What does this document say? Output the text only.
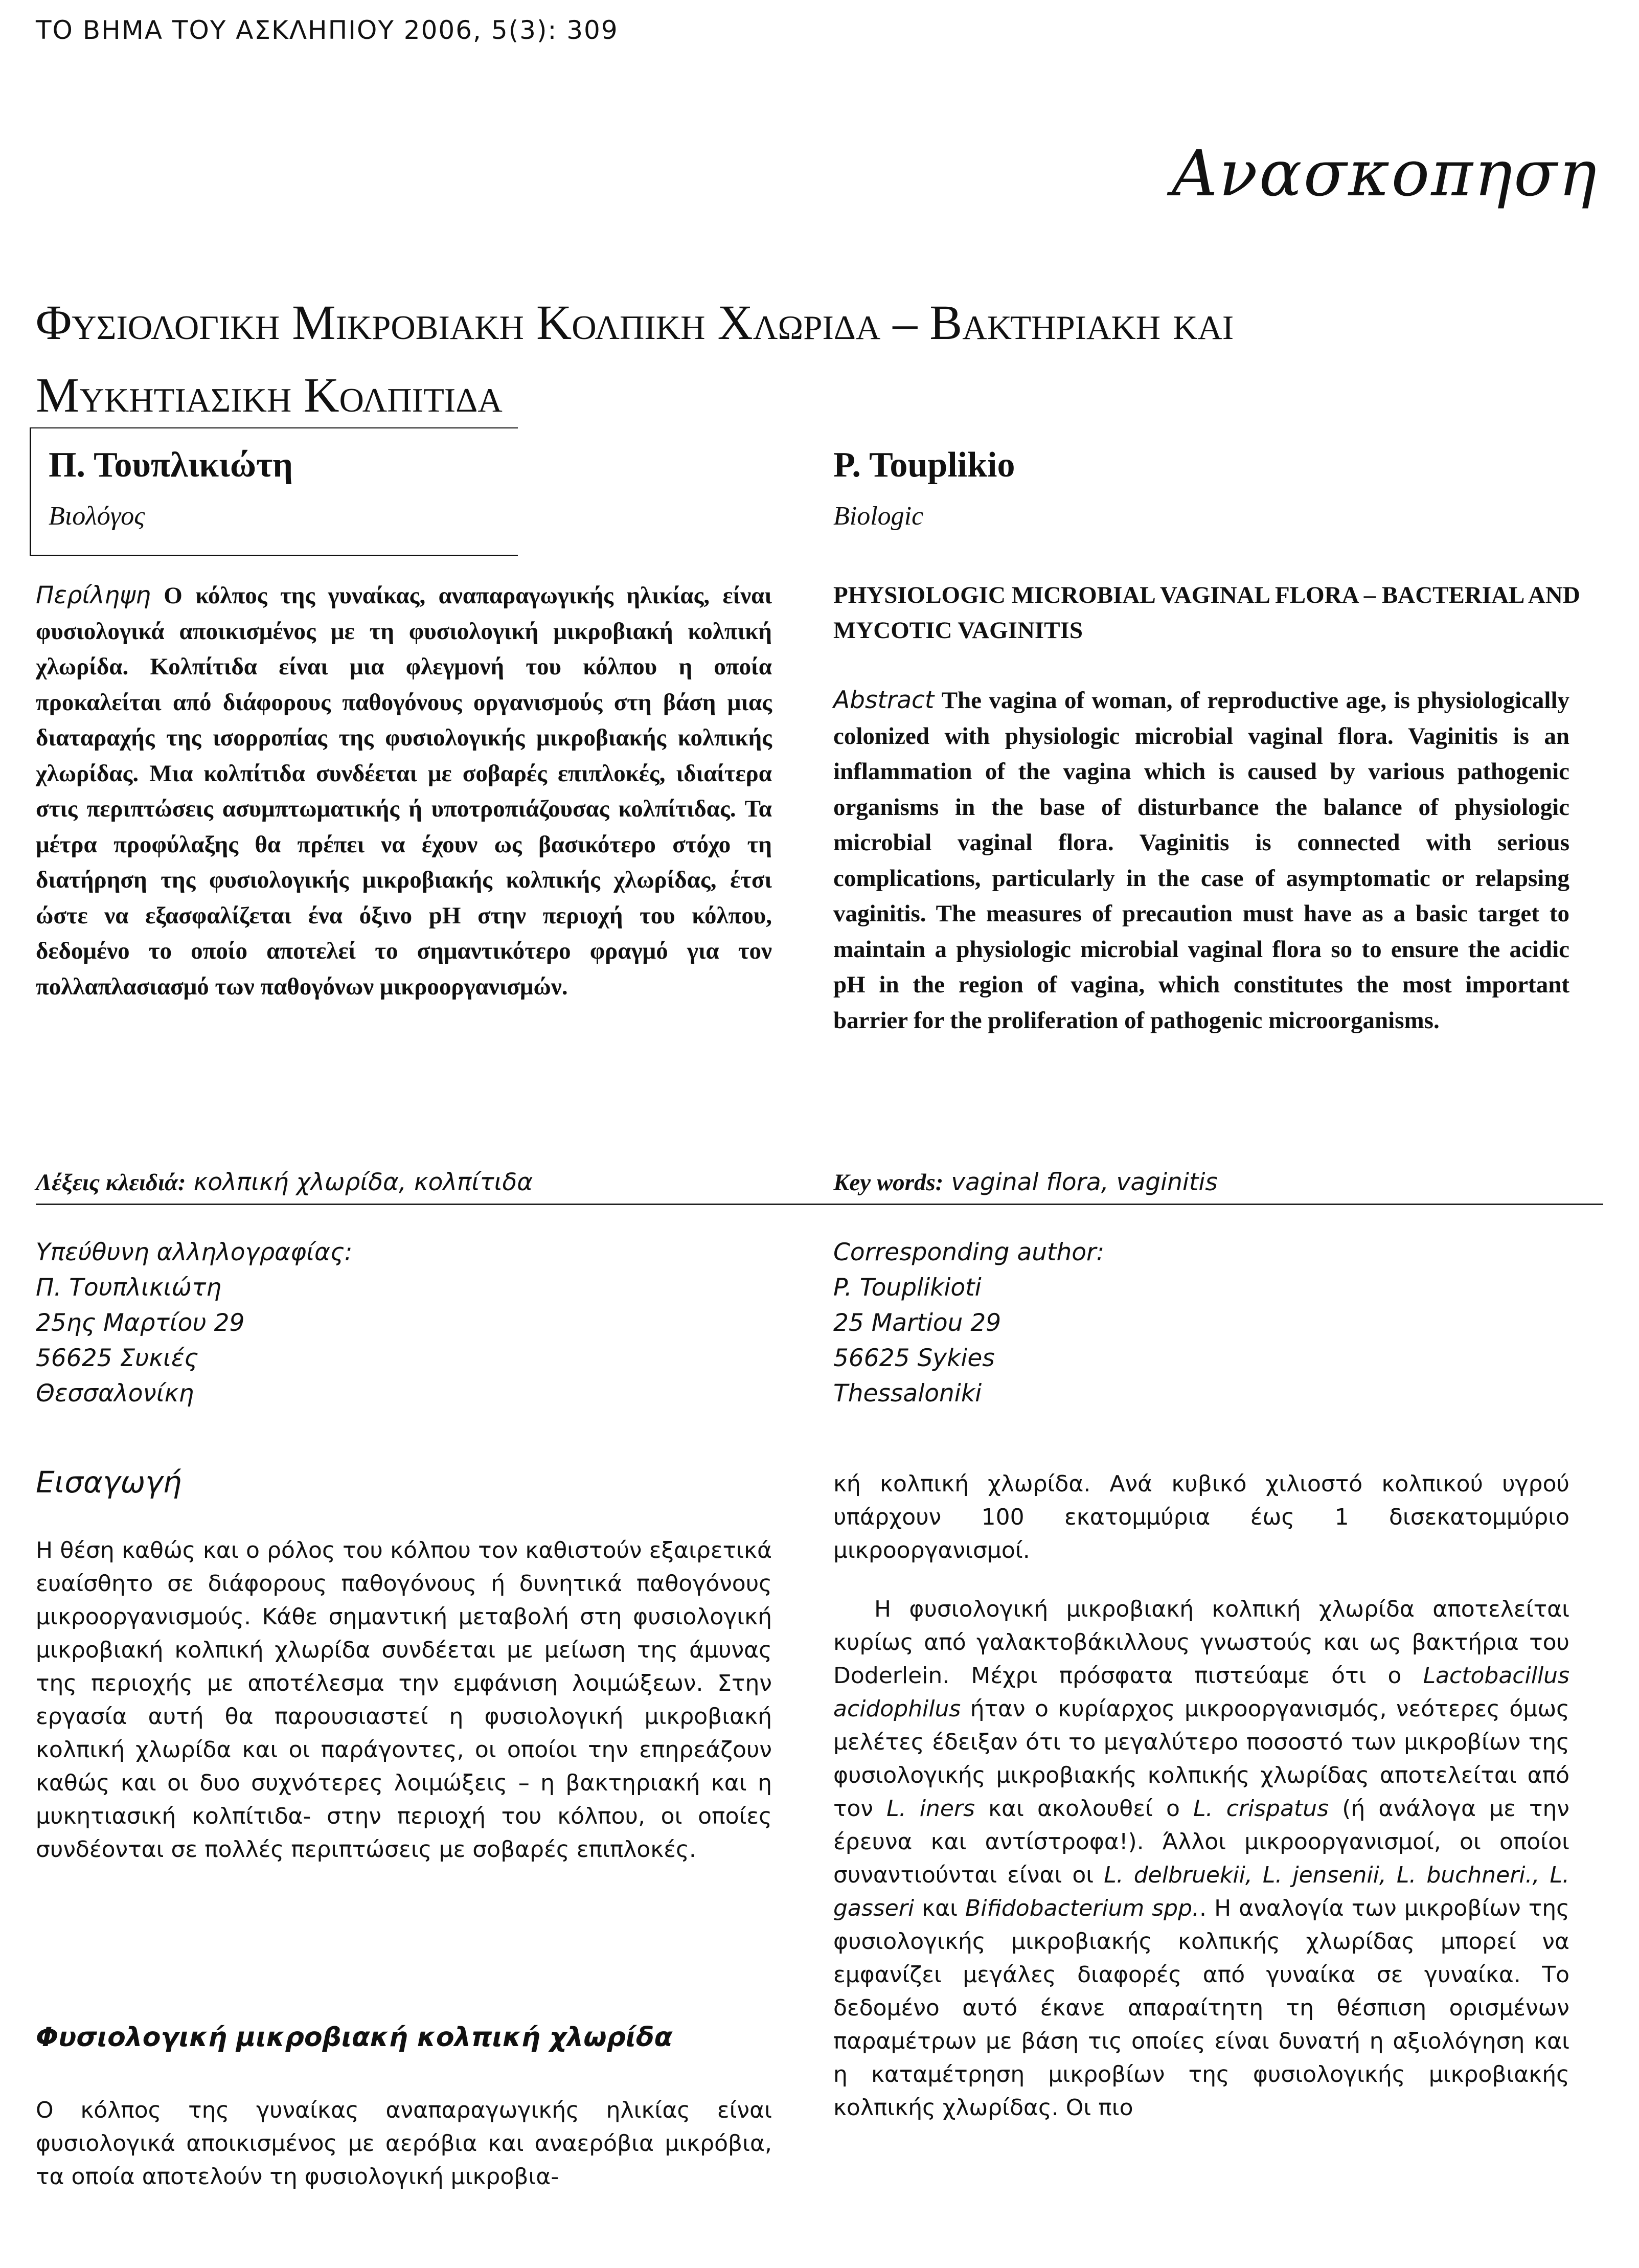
ΤΟ ΒΗΜΑ ΤΟΥ ΑΣΚΛΗΠΙΟΥ 2006, 5(3): 309
Ανασκοπηση
Φυσιολογικη Μικροβιακη Κολπικη Χλωριδα – Βακτηριακη και Μυκητιασικη Κολπιτιδα
Π. Τουπλικιώτη
Βιολόγος
P. Touplikio
Biologic
Περίληψη Ο κόλπος της γυναίκας, αναπαραγωγικής ηλικίας, είναι φυσιολογικά αποικισμένος με τη φυσιολογική μικροβιακή κολπική χλωρίδα. Κολπίτιδα είναι μια φλεγμονή του κόλπου η οποία προκαλείται από διάφορους παθογόνους οργανισμούς στη βάση μιας διαταραχής της ισορροπίας της φυσιολογικής μικροβιακής κολπικής χλωρίδας. Μια κολπίτιδα συνδέεται με σοβαρές επιπλοκές, ιδιαίτερα στις περιπτώσεις ασυμπτωματικής ή υποτροπιάζουσας κολπίτιδας. Τα μέτρα προφύλαξης θα πρέπει να έχουν ως βασικότερο στόχο τη διατήρηση της φυσιολογικής μικροβιακής κολπικής χλωρίδας, έτσι ώστε να εξασφαλίζεται ένα όξινο pH στην περιοχή του κόλπου, δεδομένο το οποίο αποτελεί το σημαντικότερο φραγμό για τον πολλαπλασιασμό των παθογόνων μικροοργανισμών.
PHYSIOLOGIC MICROBIAL VAGINAL FLORA – BACTERIAL AND MYCOTIC VAGINITIS
Abstract The vagina of woman, of reproductive age, is physiologically colonized with physiologic microbial vaginal flora. Vaginitis is an inflammation of the vagina which is caused by various pathogenic organisms in the base of disturbance the balance of physiologic microbial vaginal flora. Vaginitis is connected with serious complications, particularly in the case of asymptomatic or relapsing vaginitis. The measures of precaution must have as a basic target to maintain a physiologic microbial vaginal flora so to ensure the acidic pH in the region of vagina, which constitutes the most important barrier for the proliferation of pathogenic microorganisms.
Λέξεις κλειδιά: κολπική χλωρίδα, κολπίτιδα	Key words: vaginal flora, vaginitis
Υπεύθυνη αλληλογραφίας:
Π. Τουπλικιώτη
25ης Μαρτίου 29
56625 Συκιές
Θεσσαλονίκη
Corresponding author:
P. Touplikioti
25 Martiou 29
56625 Sykies
Thessaloniki
Εισαγωγή
Η θέση καθώς και ο ρόλος του κόλπου τον καθιστούν εξαιρετικά ευαίσθητο σε διάφορους παθογόνους ή δυνητικά παθογόνους μικροοργανισμούς. Κάθε σημαντική μεταβολή στη φυσιολογική μικροβιακή κολπική χλωρίδα συνδέεται με μείωση της άμυνας της περιοχής με αποτέλεσμα την εμφάνιση λοιμώξεων. Στην εργασία αυτή θα παρουσιαστεί η φυσιολογική μικροβιακή κολπική χλωρίδα και οι παράγοντες, οι οποίοι την επηρεάζουν καθώς και οι δυο συχνότερες λοιμώξεις – η βακτηριακή και η μυκητιασική κολπίτιδα- στην περιοχή του κόλπου, οι οποίες συνδέονται σε πολλές περιπτώσεις με σοβαρές επιπλοκές.
Φυσιολογική μικροβιακή κολπική χλωρίδα
Ο κόλπος της γυναίκας αναπαραγωγικής ηλικίας είναι φυσιολογικά αποικισμένος με αερόβια και αναερόβια μικρόβια, τα οποία αποτελούν τη φυσιολογική μικροβια-
κή κολπική χλωρίδα. Ανά κυβικό χιλιοστό κολπικού υγρού υπάρχουν 100 εκατομμύρια έως 1 δισεκατομμύριο μικροοργανισμοί.
Η φυσιολογική μικροβιακή κολπική χλωρίδα αποτελείται κυρίως από γαλακτοβάκιλλους γνωστούς και ως βακτήρια του Doderlein. Μέχρι πρόσφατα πιστεύαμε ότι ο Lactobacillus acidophilus ήταν ο κυρίαρχος μικροοργανισμός, νεότερες όμως μελέτες έδειξαν ότι το μεγαλύτερο ποσοστό των μικροβίων της φυσιολογικής μικροβιακής κολπικής χλωρίδας αποτελείται από τον L. iners και ακολουθεί ο L. crispatus (ή ανάλογα με την έρευνα και αντίστροφα!). Άλλοι μικροοργανισμοί, οι οποίοι συναντιούνται είναι οι L. delbruekii, L. jensenii, L. buchneri., L. gasseri και Bifidobacterium spp.. Η αναλογία των μικροβίων της φυσιολογικής μικροβιακής κολπικής χλωρίδας μπορεί να εμφανίζει μεγάλες διαφορές από γυναίκα σε γυναίκα. Το δεδομένο αυτό έκανε απαραίτητη τη θέσπιση ορισμένων παραμέτρων με βάση τις οποίες είναι δυνατή η αξιολόγηση και η καταμέτρηση μικροβίων της φυσιολογικής μικροβιακής κολπικής χλωρίδας. Οι πιο
